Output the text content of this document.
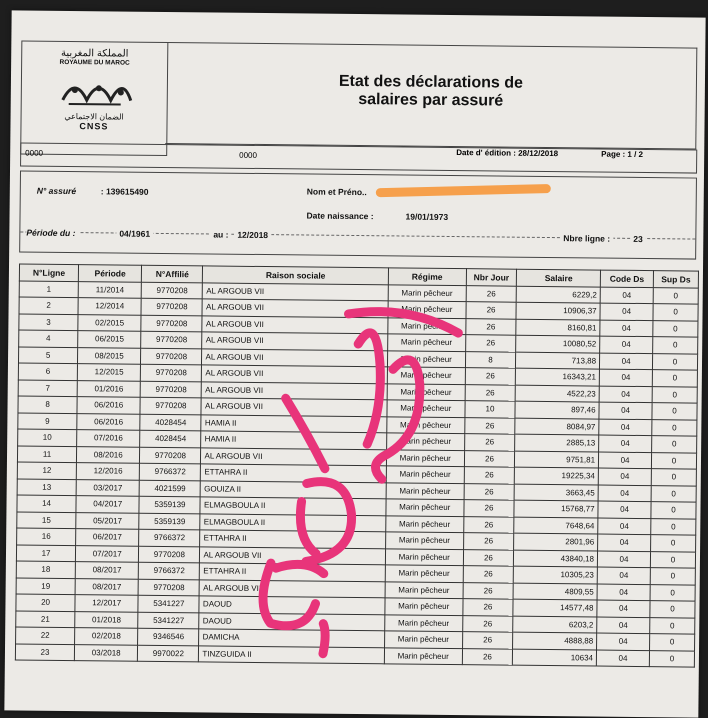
المملكة المغربية
ROYAUME DU MAROC
الضمان الاجتماعي
CNSS
Etat des déclarations de
salaires par assuré
0000	0000	Date d' édition : 28/12/2018	Page : 1 / 2
N° assuré	: 139615490	Nom et Préno..
Date naissance :	19/01/1973
Période du :	04/1961	au :	12/2018	Nbre ligne :	23
N°Ligne	Période	N°Affilié	Raison sociale	Régime	Nbr Jour	Salaire	Code Ds	Sup Ds
1	11/2014	9770208	AL ARGOUB VII	Marin pêcheur	26	6229,2	04	0
2	12/2014	9770208	AL ARGOUB VII	Marin pêcheur	26	10906,37	04	0
3	02/2015	9770208	AL ARGOUB VII	Marin pêcheur	26	8160,81	04	0
4	06/2015	9770208	AL ARGOUB VII	Marin pêcheur	26	10080,52	04	0
5	08/2015	9770208	AL ARGOUB VII	Marin pêcheur	8	713,88	04	0
6	12/2015	9770208	AL ARGOUB VII	Marin pêcheur	26	16343,21	04	0
7	01/2016	9770208	AL ARGOUB VII	Marin pêcheur	26	4522,23	04	0
8	06/2016	9770208	AL ARGOUB VII	Marin pêcheur	10	897,46	04	0
9	06/2016	4028454	HAMIA II	Marin pêcheur	26	8084,97	04	0
10	07/2016	4028454	HAMIA II	Marin pêcheur	26	2885,13	04	0
11	08/2016	9770208	AL ARGOUB VII	Marin pêcheur	26	9751,81	04	0
12	12/2016	9766372	ETTAHRA II	Marin pêcheur	26	19225,34	04	0
13	03/2017	4021599	GOUIZA II	Marin pêcheur	26	3663,45	04	0
14	04/2017	5359139	ELMAGBOULA II	Marin pêcheur	26	15768,77	04	0
15	05/2017	5359139	ELMAGBOULA II	Marin pêcheur	26	7648,64	04	0
16	06/2017	9766372	ETTAHRA II	Marin pêcheur	26	2801,96	04	0
17	07/2017	9770208	AL ARGOUB VII	Marin pêcheur	26	43840,18	04	0
18	08/2017	9766372	ETTAHRA II	Marin pêcheur	26	10305,23	04	0
19	08/2017	9770208	AL ARGOUB VII	Marin pêcheur	26	4809,55	04	0
20	12/2017	5341227	DAOUD	Marin pêcheur	26	14577,48	04	0
21	01/2018	5341227	DAOUD	Marin pêcheur	26	6203,2	04	0
22	02/2018	9346546	DAMICHA	Marin pêcheur	26	4888,88	04	0
23	03/2018	9970022	TINZGUIDA II	Marin pêcheur	26	10634	04	0
